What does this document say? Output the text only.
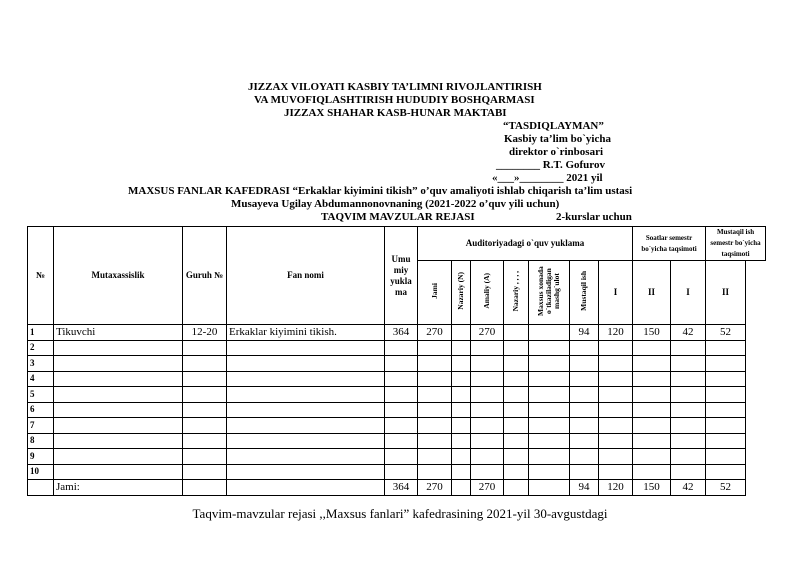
JIZZAX VILOYATI KASBIY TA’LIMNI RIVOJLANTIRISH
VA MUVOFIQLASHTIRISH HUDUDIY BOSHQARMASI
JIZZAX SHAHAR KASB-HUNAR MAKTABI
“TASDIQLAYMAN”
Kasbiy ta’lim bo`yicha
direktor o`rinbosari
________ R.T. Gofurov
«___»________ 2021 yil
MAXSUS FANLAR KAFEDRASI “Erkaklar kiyimini tikish” o’quv amaliyoti ishlab chiqarish ta’lim ustasi
Musayeva Ugilay Abdumannonovnaning (2021-2022 o’quv yili uchun)
TAQVIM MAVZULAR REJASI	2-kurslar uchun
№	Mutaxassislik	Guruh №	Fan nomi	Umu miy yukla ma	Auditoriyadagi o`quv yuklama							Soatlar semestr bo`yicha taqsimoti		Mustaqil ish semestr bo`yicha taqsimoti
					Jami	Nazariy (N)	Amaliy (A)	Nazariy , , , ,	Maxsus xonada o`tkaziladigan mashg`ulot	Mustaqil ish	I	II	I	II
1	Tikuvchi	12-20	Erkaklar kiyimini tikish.	364	270		270			94	120	150	42	52
2														
3														
4														
5														
6														
7														
8														
9														
10														
	Jami:			364	270		270			94	120	150	42	52
Taqvim-mavzular rejasi ,,Maxsus fanlari” kafedrasining 2021-yil 30-avgustdagi
